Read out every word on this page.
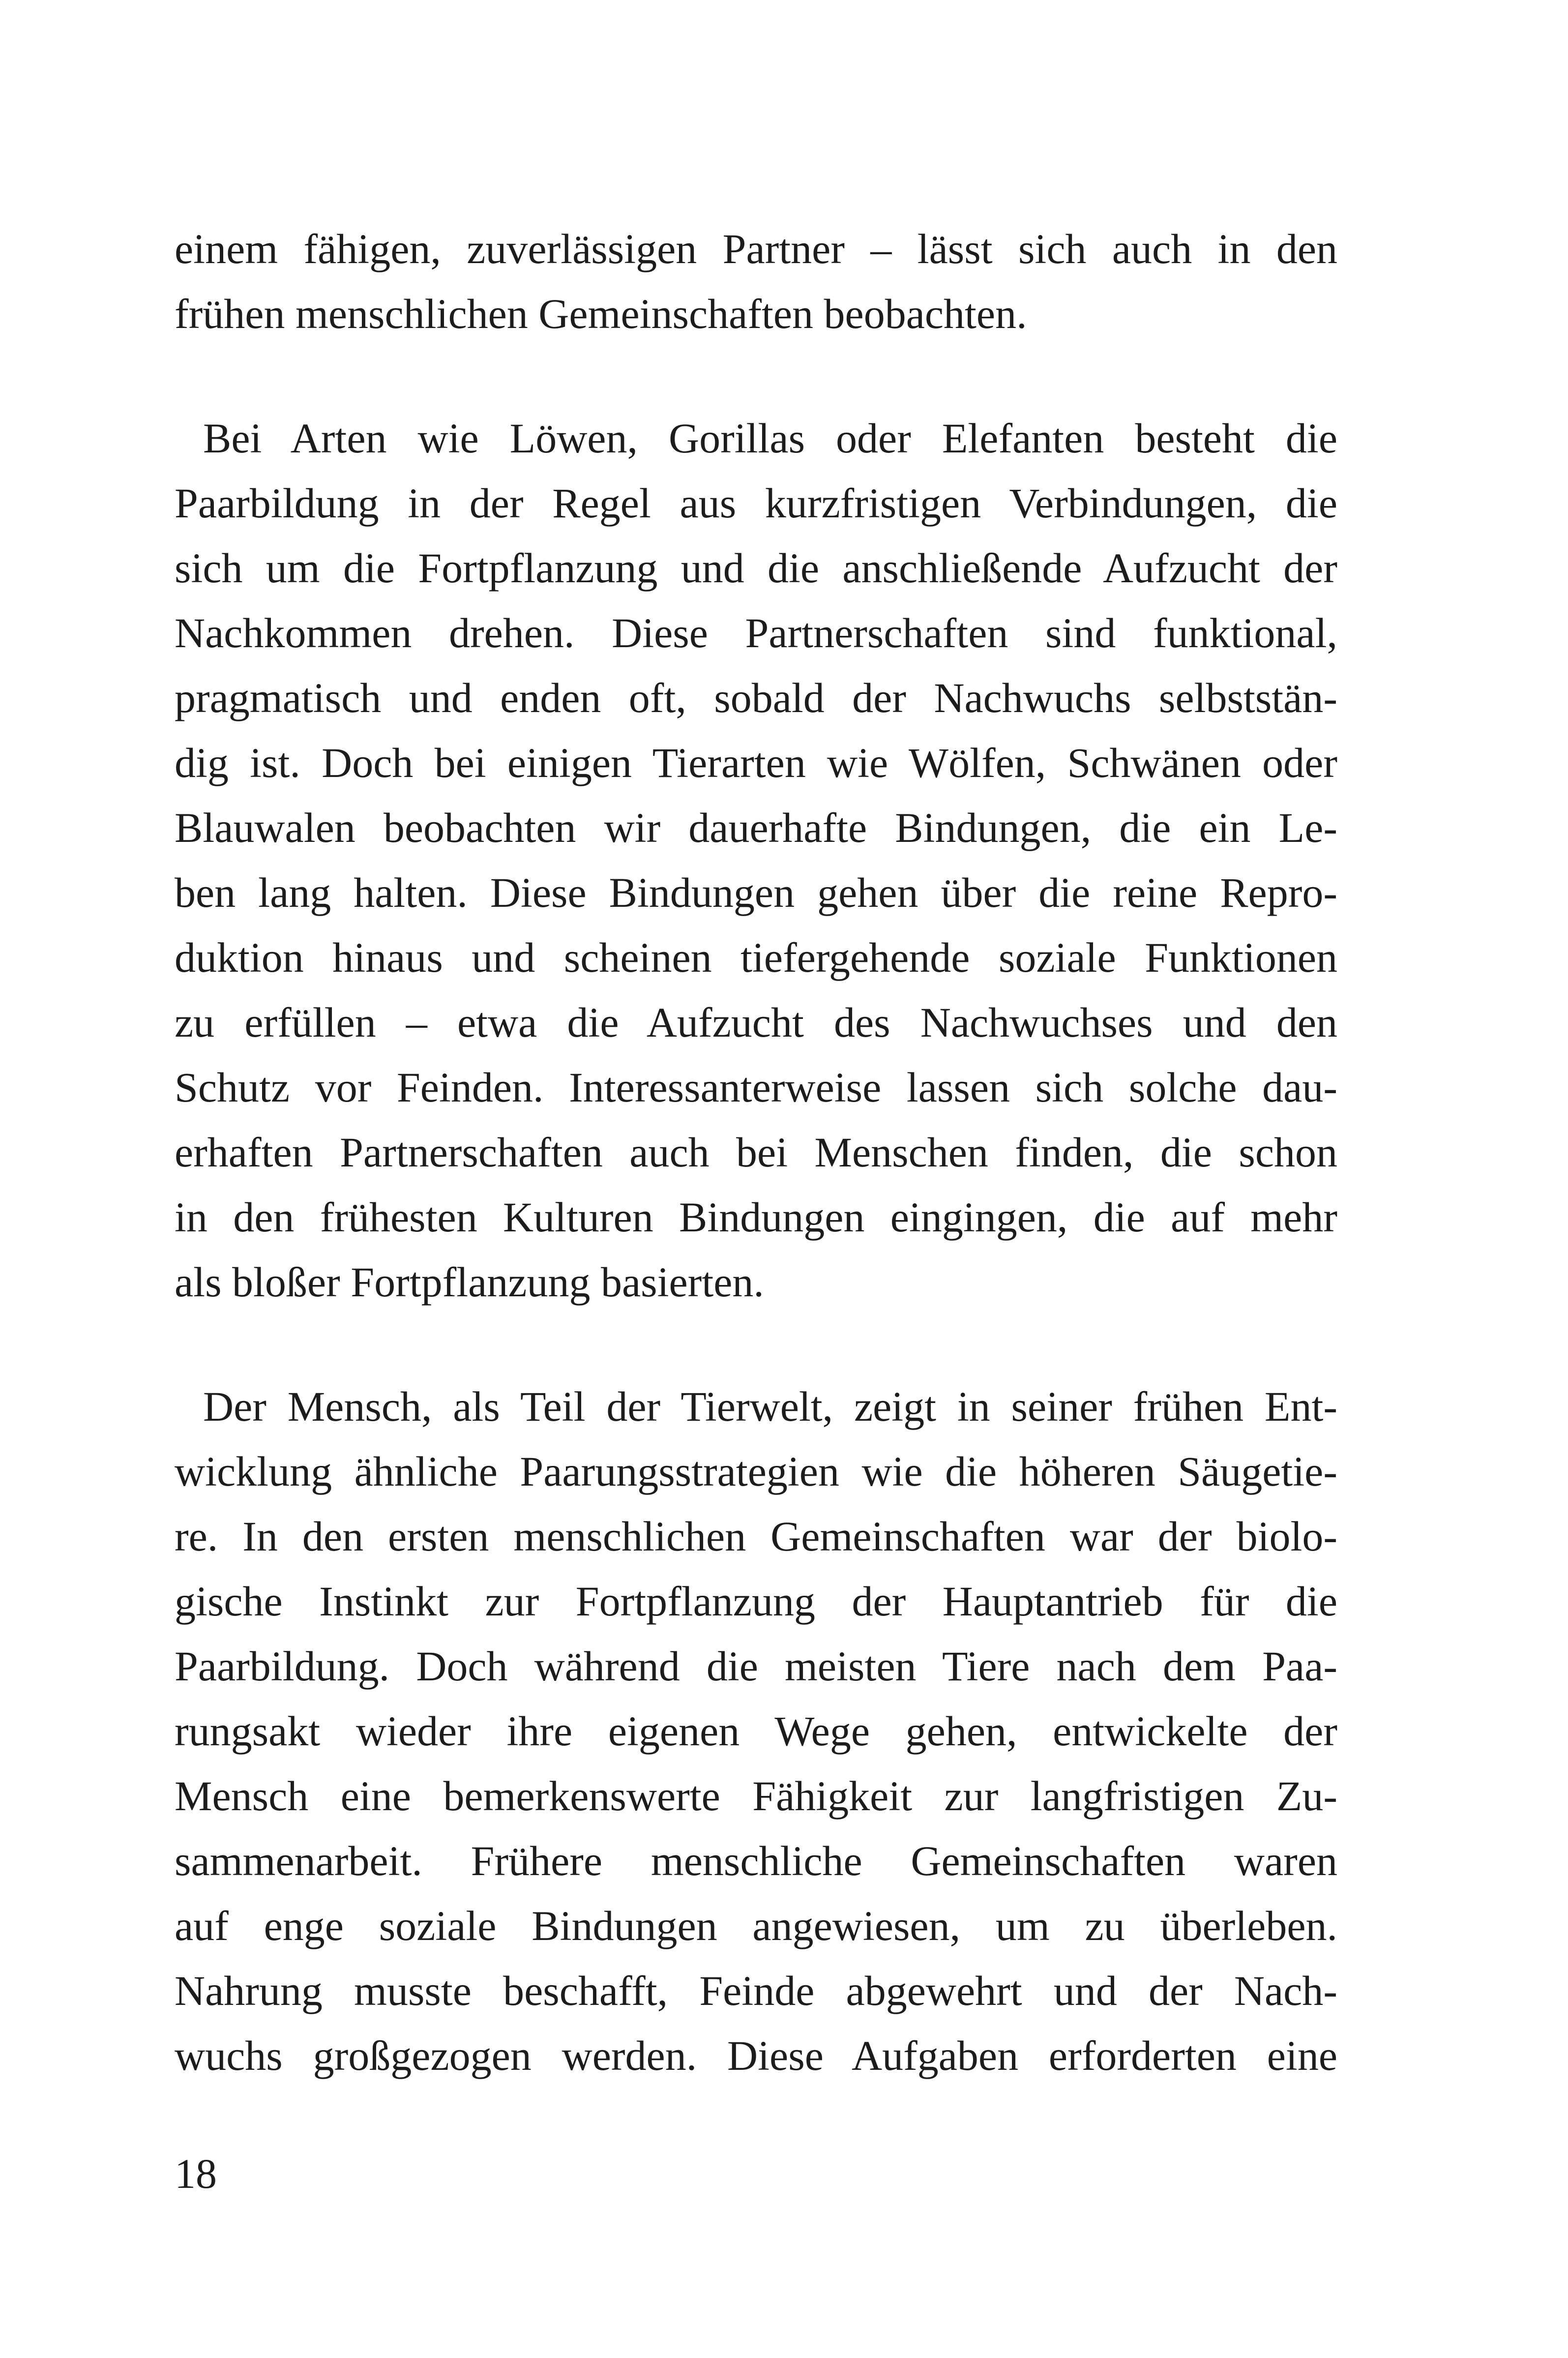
einem fähigen, zuverlässigen Partner – lässt sich auch in den
frühen menschlichen Gemeinschaften beobachten.
Bei Arten wie Löwen, Gorillas oder Elefanten besteht die
Paarbildung in der Regel aus kurzfristigen Verbindungen, die
sich um die Fortpflanzung und die anschließende Aufzucht der
Nachkommen drehen. Diese Partnerschaften sind funktional,
pragmatisch und enden oft, sobald der Nachwuchs selbststän-
dig ist. Doch bei einigen Tierarten wie Wölfen, Schwänen oder
Blauwalen beobachten wir dauerhafte Bindungen, die ein Le-
ben lang halten. Diese Bindungen gehen über die reine Repro-
duktion hinaus und scheinen tiefergehende soziale Funktionen
zu erfüllen – etwa die Aufzucht des Nachwuchses und den
Schutz vor Feinden. Interessanterweise lassen sich solche dau-
erhaften Partnerschaften auch bei Menschen finden, die schon
in den frühesten Kulturen Bindungen eingingen, die auf mehr
als bloßer Fortpflanzung basierten.
Der Mensch, als Teil der Tierwelt, zeigt in seiner frühen Ent-
wicklung ähnliche Paarungsstrategien wie die höheren Säugetie-
re. In den ersten menschlichen Gemeinschaften war der biolo-
gische Instinkt zur Fortpflanzung der Hauptantrieb für die
Paarbildung. Doch während die meisten Tiere nach dem Paa-
rungsakt wieder ihre eigenen Wege gehen, entwickelte der
Mensch eine bemerkenswerte Fähigkeit zur langfristigen Zu-
sammenarbeit. Frühere menschliche Gemeinschaften waren
auf enge soziale Bindungen angewiesen, um zu überleben.
Nahrung musste beschafft, Feinde abgewehrt und der Nach-
wuchs großgezogen werden. Diese Aufgaben erforderten eine
18
